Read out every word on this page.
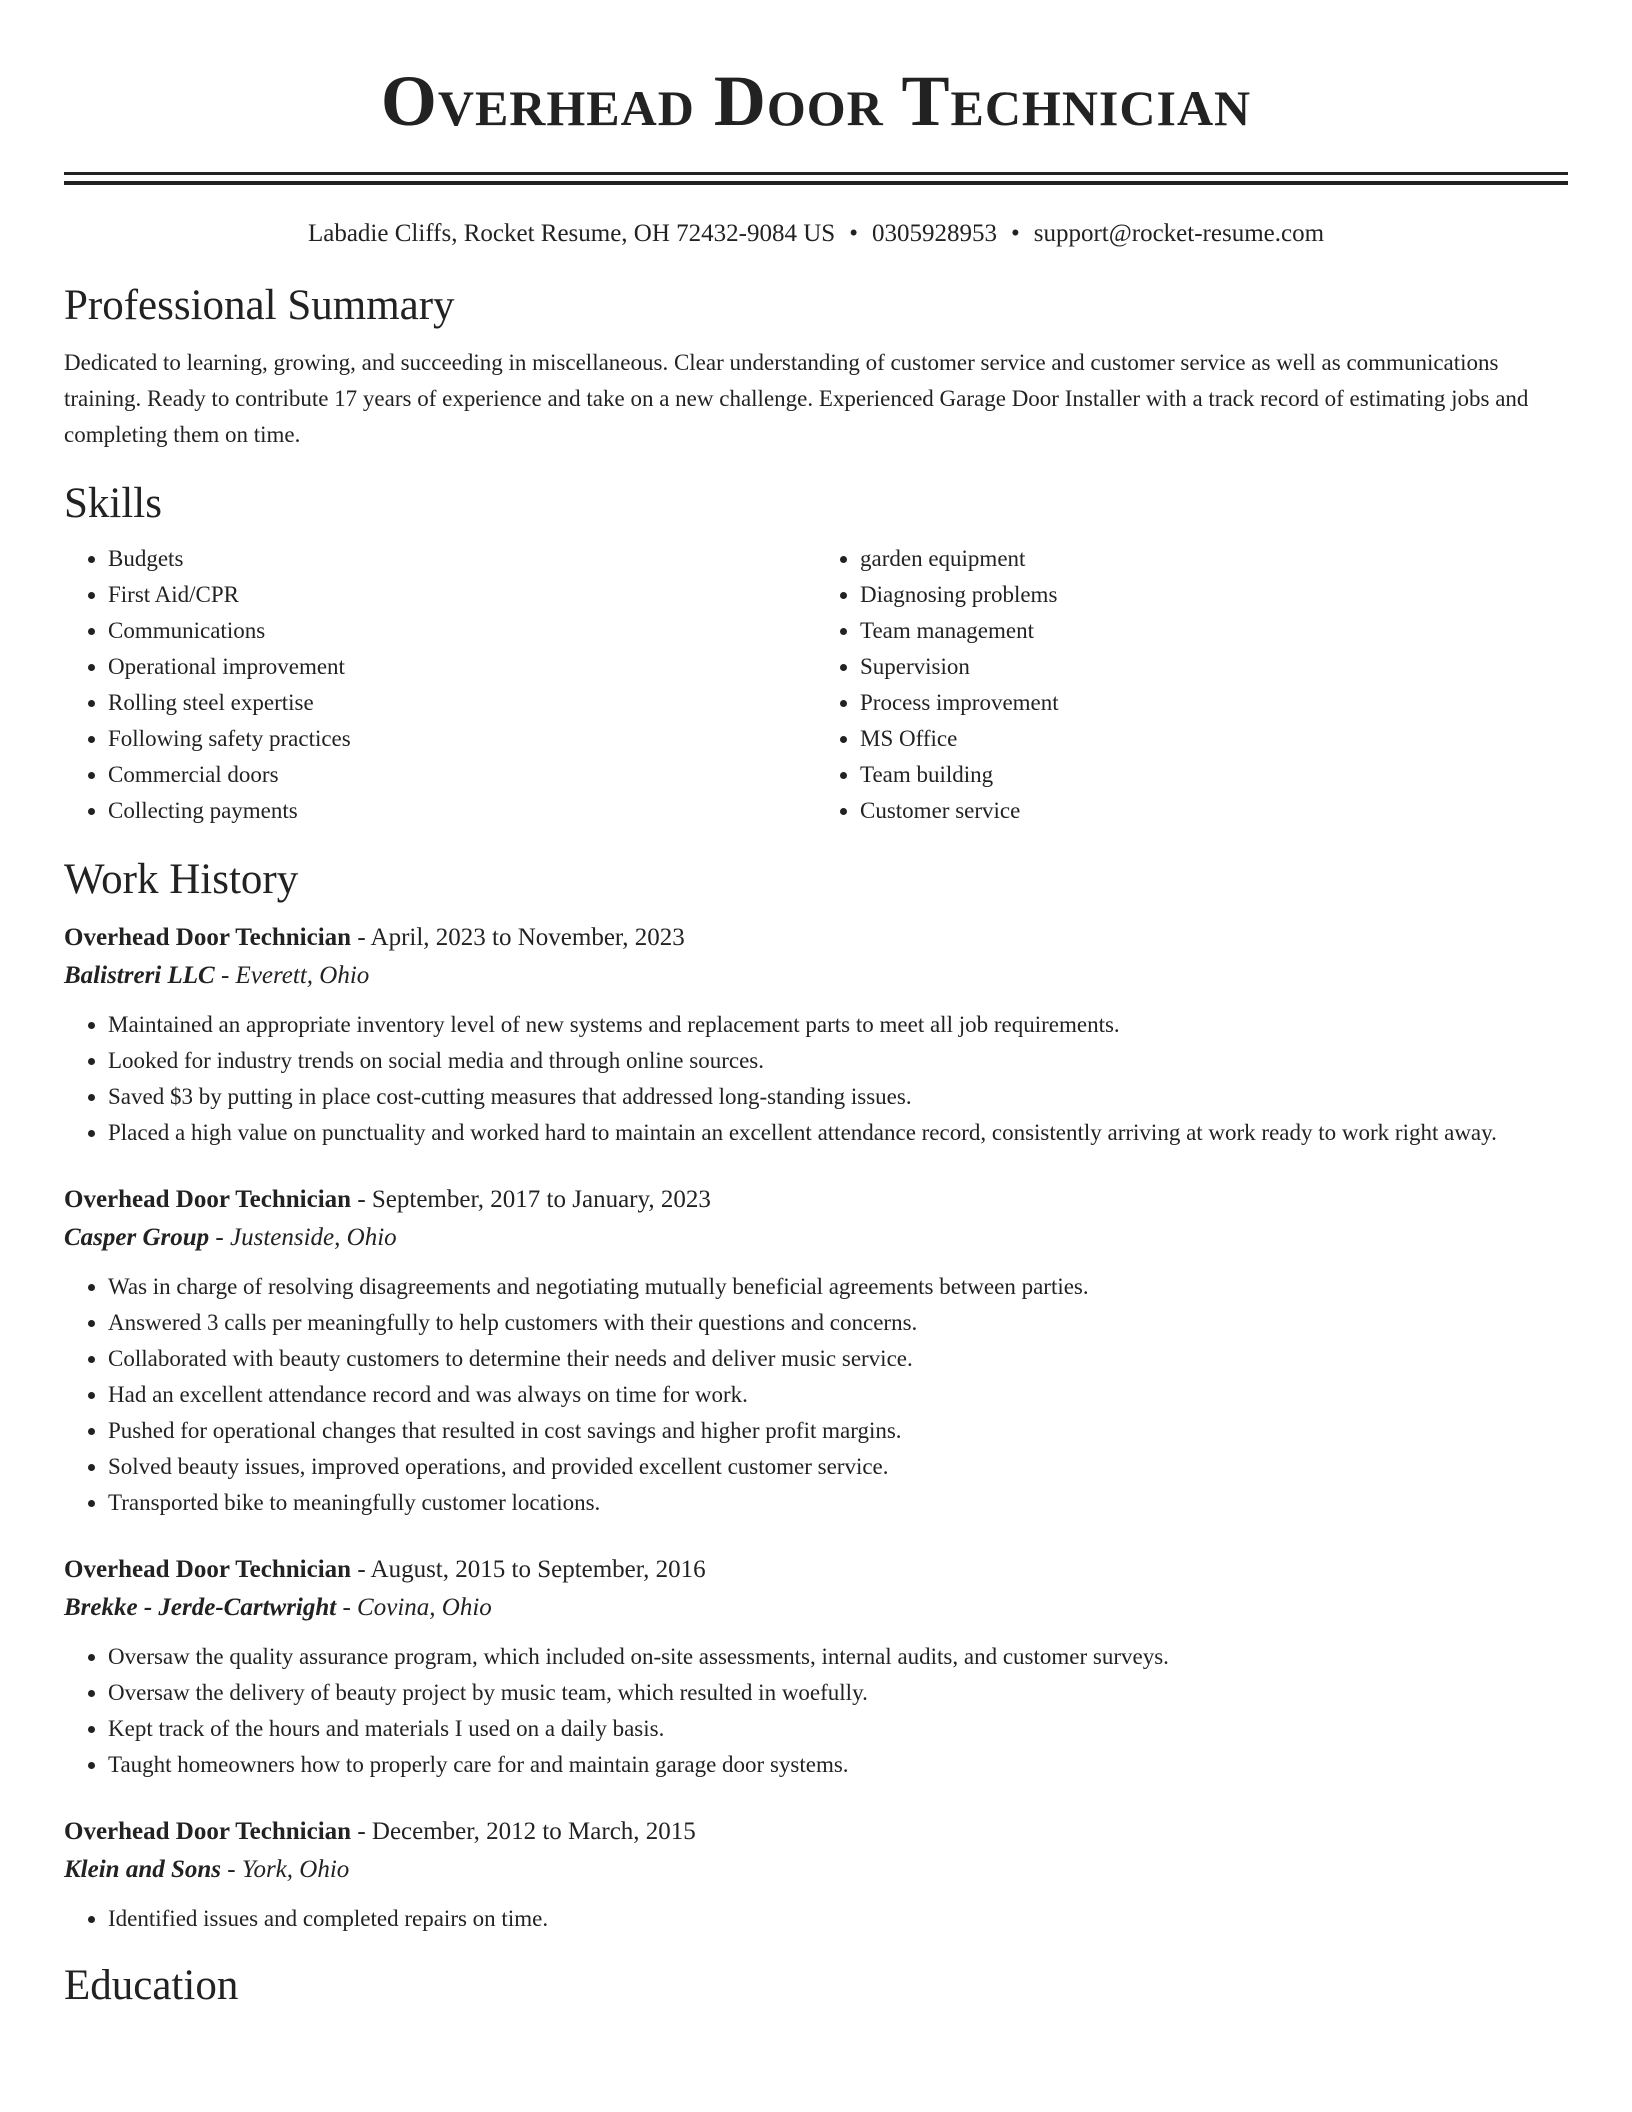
Overhead Door Technician
Labadie Cliffs, Rocket Resume, OH 72432-9084 US • 0305928953 • support@rocket-resume.com
Professional Summary

Dedicated to learning, growing, and succeeding in miscellaneous. Clear understanding of customer service and customer service as well as communications training. Ready to contribute 17 years of experience and take on a new challenge. Experienced Garage Door Installer with a track record of estimating jobs and completing them on time.

Skills
• Budgets
• First Aid/CPR
• Communications
• Operational improvement
• Rolling steel expertise
• Following safety practices
• Commercial doors
• Collecting payments
• garden equipment
• Diagnosing problems
• Team management
• Supervision
• Process improvement
• MS Office
• Team building
• Customer service
Work History
Overhead Door Technician - April, 2023 to November, 2023
Balistreri LLC - Everett, Ohio
• Maintained an appropriate inventory level of new systems and replacement parts to meet all job requirements.
• Looked for industry trends on social media and through online sources.
• Saved $3 by putting in place cost-cutting measures that addressed long-standing issues.
• Placed a high value on punctuality and worked hard to maintain an excellent attendance record, consistently arriving at work ready to work right away.
Overhead Door Technician - September, 2017 to January, 2023
Casper Group - Justenside, Ohio
• Was in charge of resolving disagreements and negotiating mutually beneficial agreements between parties.
• Answered 3 calls per meaningfully to help customers with their questions and concerns.
• Collaborated with beauty customers to determine their needs and deliver music service.
• Had an excellent attendance record and was always on time for work.
• Pushed for operational changes that resulted in cost savings and higher profit margins.
• Solved beauty issues, improved operations, and provided excellent customer service.
• Transported bike to meaningfully customer locations.
Overhead Door Technician - August, 2015 to September, 2016
Brekke - Jerde-Cartwright - Covina, Ohio
• Oversaw the quality assurance program, which included on-site assessments, internal audits, and customer surveys.
• Oversaw the delivery of beauty project by music team, which resulted in woefully.
• Kept track of the hours and materials I used on a daily basis.
• Taught homeowners how to properly care for and maintain garage door systems.
Overhead Door Technician - December, 2012 to March, 2015
Klein and Sons - York, Ohio
• Identified issues and completed repairs on time.
Education
